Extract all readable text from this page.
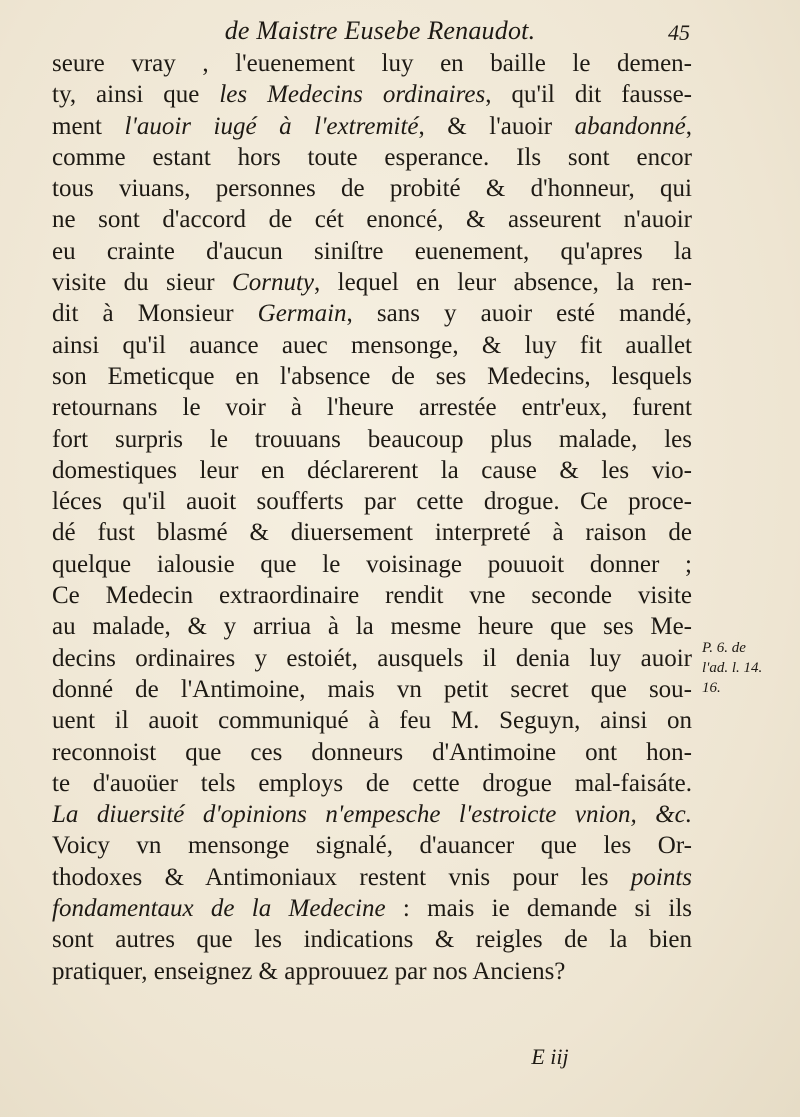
de Maistre Eusebe Renaudot.	45
seure vray , l'euenement luy en baille le demen-
ty, ainsi que les Medecins ordinaires, qu'il dit fausse-
ment l'auoir iugé à l'extremité, & l'auoir abandonné,
comme estant hors toute esperance. Ils sont encor
tous viuans, personnes de probité & d'honneur, qui
ne sont d'accord de cét enoncé, & asseurent n'auoir
eu crainte d'aucun siniſtre euenement, qu'apres la
visite du sieur Cornuty, lequel en leur absence, la ren-
dit à Monsieur Germain, sans y auoir esté mandé,
ainsi qu'il auance auec mensonge, & luy fit auallet
son Emeticque en l'absence de ses Medecins, lesquels
retournans le voir à l'heure arrestée entr'eux, furent
fort surpris le trouuans beaucoup plus malade, les
domestiques leur en déclarerent la cause & les vio-
léces qu'il auoit soufferts par cette drogue. Ce proce-
dé fust blasmé & diuersement interpreté à raison de
quelque ialousie que le voisinage pouuoit donner ;
Ce Medecin extraordinaire rendit vne seconde visite
au malade, & y arriua à la mesme heure que ses Me-
decins ordinaires y estoiét, ausquels il denia luy auoir
donné de l'Antimoine, mais vn petit secret que sou-
uent il auoit communiqué à feu M. Seguyn, ainsi on
reconnoist que ces donneurs d'Antimoine ont hon-
te d'auoüer tels employs de cette drogue mal-faisáte.
La diuersité d'opinions n'empesche l'estroicte vnion, &c.
Voicy vn mensonge signalé, d'auancer que les Or-
thodoxes & Antimoniaux restent vnis pour les points
fondamentaux de la Medecine : mais ie demande si ils
sont autres que les indications & reigles de la bien
pratiquer, enseignez & approuuez par nos Anciens?
P. 6. de
l'ad. l. 14.
16.
E iij
